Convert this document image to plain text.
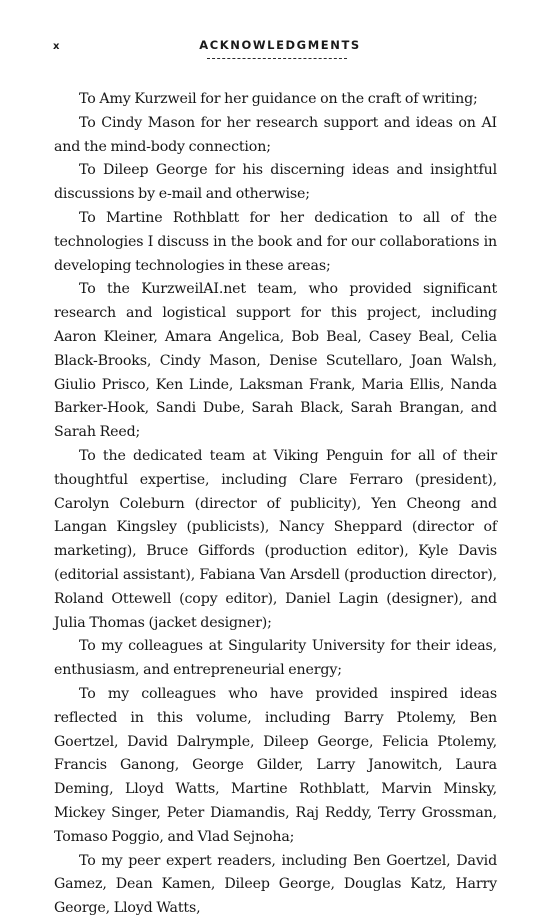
x	ACKNOWLEDGMENTS

To Amy Kurzweil for her guidance on the craft of writing;

To Cindy Mason for her research support and ideas on AI and the mind-body connection;

To Dileep George for his discerning ideas and insightful discussions by e-mail and otherwise;

To Martine Rothblatt for her dedication to all of the technologies I discuss in the book and for our collaborations in developing technologies in these areas;

To the KurzweilAI.net team, who provided significant research and logistical support for this project, including Aaron Kleiner, Amara Angelica, Bob Beal, Casey Beal, Celia Black-Brooks, Cindy Mason, Denise Scutellaro, Joan Walsh, Giulio Prisco, Ken Linde, Laksman Frank, Maria Ellis, Nanda Barker-Hook, Sandi Dube, Sarah Black, Sarah Brangan, and Sarah Reed;

To the dedicated team at Viking Penguin for all of their thoughtful expertise, including Clare Ferraro (president), Carolyn Coleburn (director of publicity), Yen Cheong and Langan Kingsley (publicists), Nancy Sheppard (director of marketing), Bruce Giffords (production editor), Kyle Davis (editorial assistant), Fabiana Van Arsdell (production director), Roland Ottewell (copy editor), Daniel Lagin (designer), and Julia Thomas (jacket designer);

To my colleagues at Singularity University for their ideas, enthusiasm, and entrepreneurial energy;

To my colleagues who have provided inspired ideas reflected in this volume, including Barry Ptolemy, Ben Goertzel, David Dalrymple, Dileep George, Felicia Ptolemy, Francis Ganong, George Gilder, Larry Janowitch, Laura Deming, Lloyd Watts, Martine Rothblatt, Marvin Minsky, Mickey Singer, Peter Diamandis, Raj Reddy, Terry Grossman, Tomaso Poggio, and Vlad Sejnoha;

To my peer expert readers, including Ben Goertzel, David Gamez, Dean Kamen, Dileep George, Douglas Katz, Harry George, Lloyd Watts,
